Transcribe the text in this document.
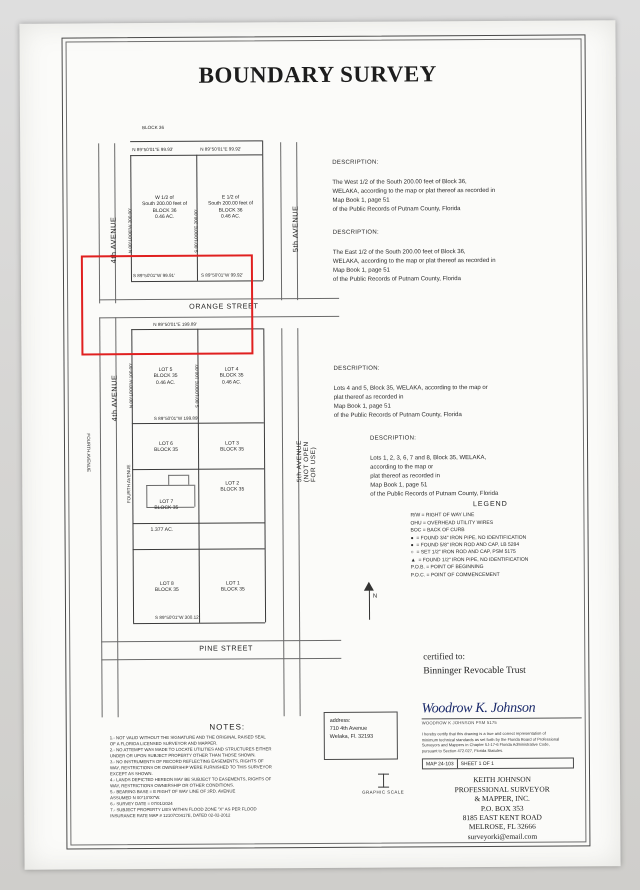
BOUNDARY SURVEY

DESCRIPTION:

The West 1/2 of the South 200.00 feet of Block 36,
WELAKA, according to the map or plat thereof as recorded in
Map Book 1, page 51
of the Public Records of Putnam County, Florida

DESCRIPTION:

The East 1/2 of the South 200.00 feet of Block 36,
WELAKA, according to the map or plat thereof as recorded in
Map Book 1, page 51
of the Public Records of Putnam County, Florida

DESCRIPTION:

Lots 4 and 5, Block 35, WELAKA, according to the map or
plat thereof as recorded in
Map Book 1, page 51
of the Public Records of Putnam County, Florida

DESCRIPTION:

Lots 1, 2, 3, 6, 7 and 8, Block 35, WELAKA,
according to the map or
plat thereof as recorded in
Map Book 1, page 51
of the Public Records of Putnam County, Florida

BLOCK 36
N 89°50'01"E 99.93'	N 89°50'01"E 99.92'
S 89°50'01"W 99.91'	S 89°50'01"W 99.92'
N 00°10'00"W 200.00'	S 00°10'00"E 200.00'
W 1/2 of
South 200.00 feet of
BLOCK 36
0.46 AC.
E 1/2 of
South 200.00 feet of
BLOCK 36
0.46 AC.
ORANGE STREET
N 89°50'01"E 199.89'
N 00°10'00"W 100.00'	S 00°10'00"E 100.00'
S 89°50'01"W 199.89'
LOT 5
BLOCK 35
0.46 AC.
LOT 4
BLOCK 35
0.46 AC.
LOT 6
BLOCK 35
LOT 3
BLOCK 35
LOT 7
BLOCK 35
LOT 2
BLOCK 35
1.377 AC.
LOT 8
BLOCK 35
LOT 1
BLOCK 35
S 89°50'01"W 300.12'
4th AVENUE
4th AVENUE
FOURTH AVENUE
FOURTH AVENUE
5th AVENUE
5th AVENUE (NOT OPEN FOR USE)
PINE STREET
N
LEGEND
R/W = RIGHT OF WAY LINE
OHU = OVERHEAD UTILITY WIRES
BOC = BACK OF CURB
●  = FOUND 3/4" IRON PIPE, NO IDENTIFICATION
●  = FOUND 5/8" IRON ROD AND CAP, LB 5284
○  = SET 1/2" IRON ROD AND CAP, PSM 5175
▲  = FOUND 1/2" IRON PIPE, NO IDENTIFICATION
P.O.B. = POINT OF BEGINNING
P.O.C. = POINT OF COMMENCEMENT
certified to:
Binninger Revocable Trust
Woodrow K. Johnson
WOODROW K JOHNSON PSM 5175
I hereby certify that this drawing is a true and correct representation of
minimum technical standards as set forth by the Florida Board of Professional
Surveyors and Mappers in Chapter 5J-17-6 Florida Administrative Code,
pursuant to Section 472.027, Florida Statutes.
MAP 24-103	SHEET 1 OF 1
KEITH JOHNSON
PROFESSIONAL SURVEYOR
& MAPPER, INC.
P.O. BOX 353
8185 EAST KENT ROAD
MELROSE, FL 32666
surveyorki@email.com
NOTES:
1.- NOT VALID WITHOUT THE SIGNATURE AND THE ORIGINAL RAISED SEAL
OF A FLORIDA LICENSED SURVEYOR AND MAPPER.
2.- NO ATTEMPT WAS MADE TO LOCATE UTILITIES AND STRUCTURES EITHER
UNDER OR UPON SUBJECT PROPERTY OTHER THAN THOSE SHOWN.
3.- NO INSTRUMENTS OF RECORD REFLECTING EASEMENTS, RIGHTS OF
WAY, RESTRICTIONS OR OWNERSHIP WERE FURNISHED TO THIS SURVEYOR
EXCEPT AS SHOWN.
4.- LANDS DEPICTED HEREON MAY BE SUBJECT TO EASEMENTS, RIGHTS OF
WAY, RESTRICTIONS OWNERSHIP OR OTHER CONDITIONS.
5.- BEARING BASE = E RIGHT OF WAY LINE OF 3RD. AVENUE
ASSUMED N 00°10'00"W.
6.- SURVEY DATE = 07/01/2024
7.- SUBJECT PROPERTY LIES WITHIN FLOOD ZONE "X" AS PER FLOOD
INSURANCE RATE MAP # 12107C0417E, DATED 02-02-2012
address:
710 4th Avenue
Welaka, Fl. 32193
GRAPHIC SCALE
